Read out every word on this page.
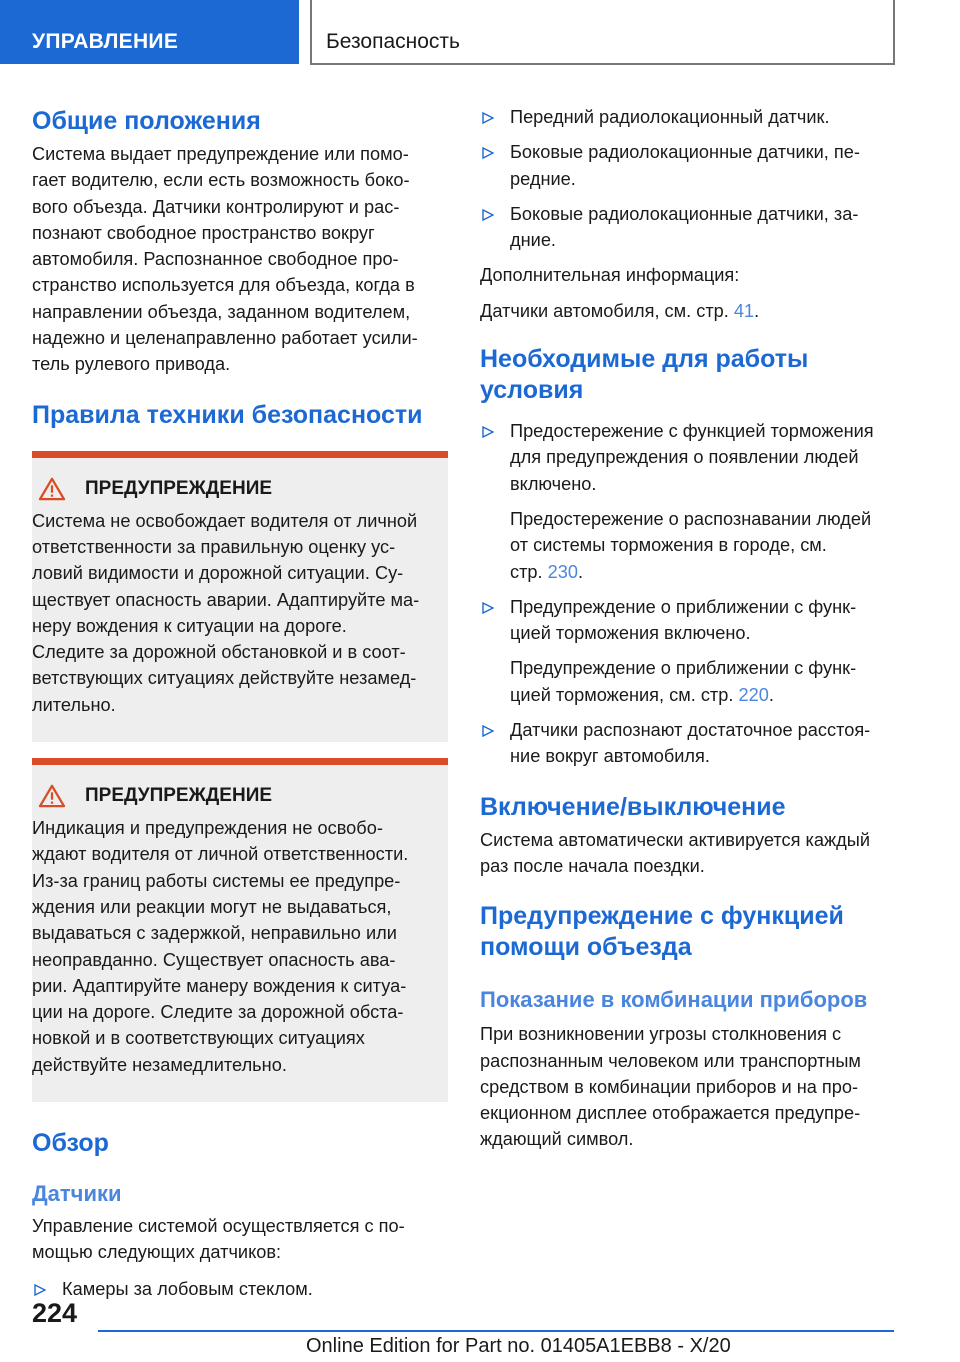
УПРАВЛЕНИЕ	Безопасность
Общие положения

Система выдает предупреждение или помо-
гает водителю, если есть возможность боко-
вого объезда. Датчики контролируют и рас-
познают свободное пространство вокруг
автомобиля. Распознанное свободное про-
странство используется для объезда, когда в
направлении объезда, заданном водителем,
надежно и целенаправленно работает усили-
тель рулевого привода.

Правила техники безопасности
ПРЕДУПРЕЖДЕНИЕ
Система не освобождает водителя от личной
ответственности за правильную оценку ус-
ловий видимости и дорожной ситуации. Су-
ществует опасность аварии. Адаптируйте ма-
неру вождения к ситуации на дороге.
Следите за дорожной обстановкой и в соот-
ветствующих ситуациях действуйте незамед-
лительно.
ПРЕДУПРЕЖДЕНИЕ
Индикация и предупреждения не освобо-
ждают водителя от личной ответственности.
Из-за границ работы системы ее предупре-
ждения или реакции могут не выдаваться,
выдаваться с задержкой, неправильно или
неоправданно. Существует опасность ава-
рии. Адаптируйте манеру вождения к ситуа-
ции на дороге. Следите за дорожной обста-
новкой и в соответствующих ситуациях
действуйте незамедлительно.
Обзор
Датчики

Управление системой осуществляется с по-
мощью следующих датчиков:

Камеры за лобовым стеклом.
Передний радиолокационный датчик.
Боковые радиолокационные датчики, пе-
редние.
Боковые радиолокационные датчики, за-
дние.

Дополнительная информация:

Датчики автомобиля, см. стр. 41.

Необходимые для работы
условия
Предостережение с функцией торможения
для предупреждения о появлении людей
включено.
Предостережение о распознавании людей
от системы торможения в городе, см.
стр. 230.
Предупреждение о приближении с функ-
цией торможения включено.
Предупреждение о приближении с функ-
цией торможения, см. стр. 220.
Датчики распознают достаточное расстоя-
ние вокруг автомобиля.
Включение/выключение

Система автоматически активируется каждый
раз после начала поездки.

Предупреждение с функцией
помощи объезда
Показание в комбинации приборов

При возникновении угрозы столкновения с
распознанным человеком или транспортным
средством в комбинации приборов и на про-
екционном дисплее отображается предупре-
ждающий символ.

224
Online Edition for Part no. 01405A1EBB8 - X/20
